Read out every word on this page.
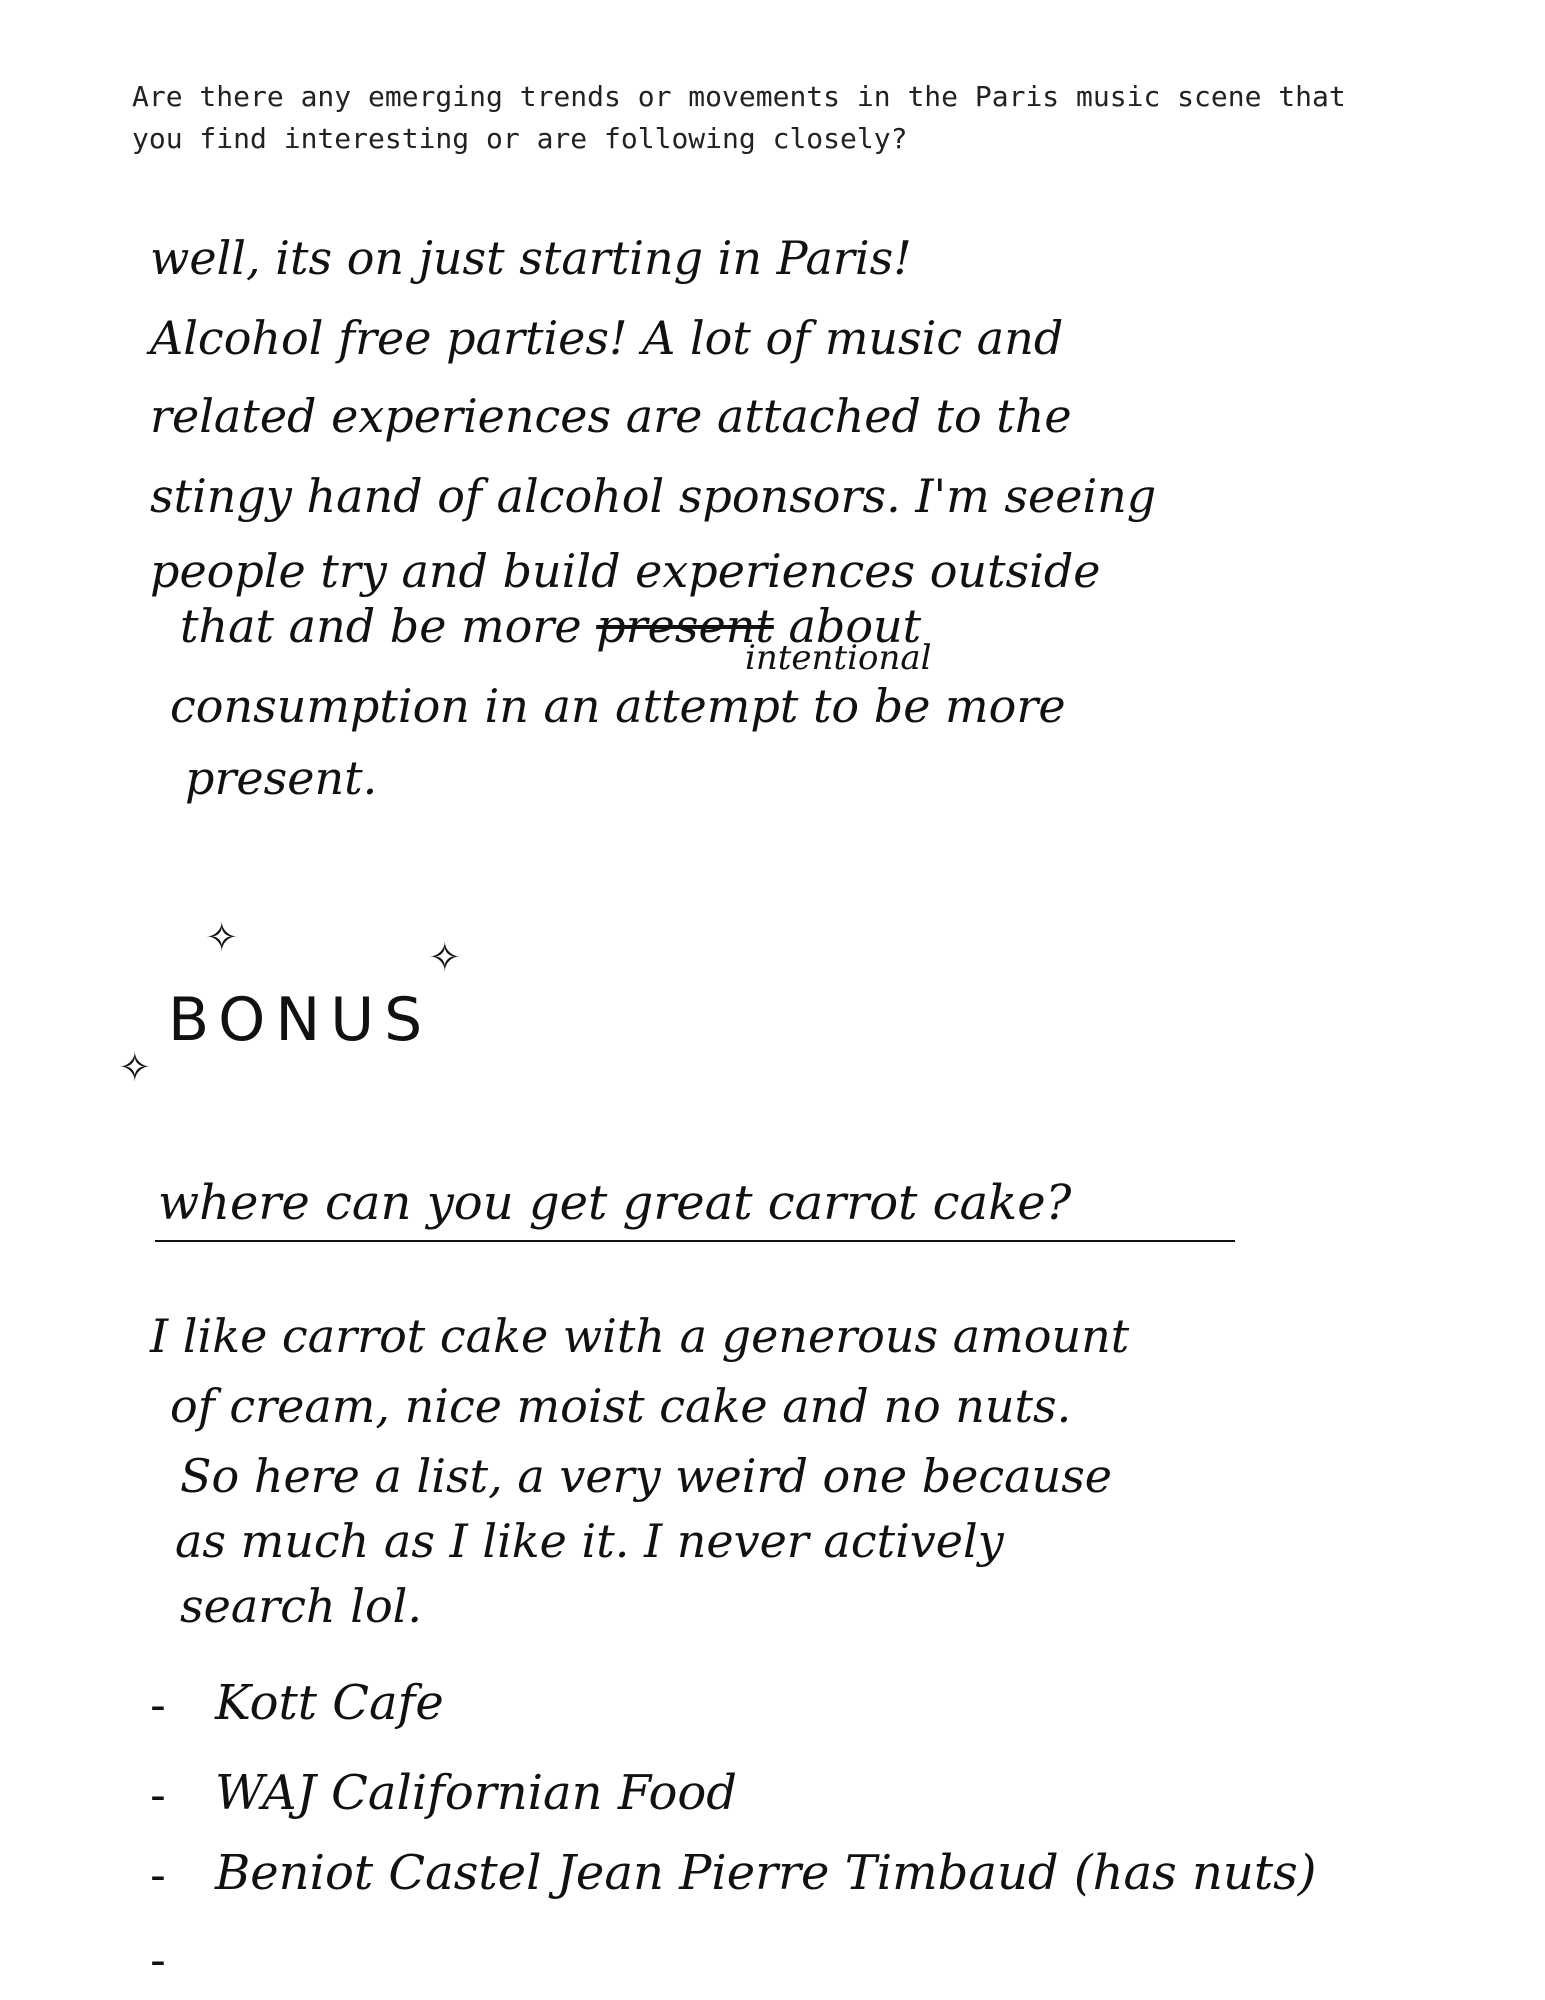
Are there any emerging trends or movements in the Paris music scene that you find interesting or are following closely?
well, its on just starting in Paris!
Alcohol free parties! A lot of music and
related experiences are attached to the
stingy hand of alcohol sponsors. I'm seeing
people try and build experiences outside
that and be more present about
intentional
consumption in an attempt to be more
present.
✧	✧
✧
BONUS
where can you get great carrot cake?
I like carrot cake with a generous amount
of cream, nice moist cake and no nuts.
So here a list, a very weird one because
as much as I like it. I never actively
search lol.
- Kott Cafe
- WAJ Californian Food
- Beniot Castel Jean Pierre Timbaud (has nuts)
-
